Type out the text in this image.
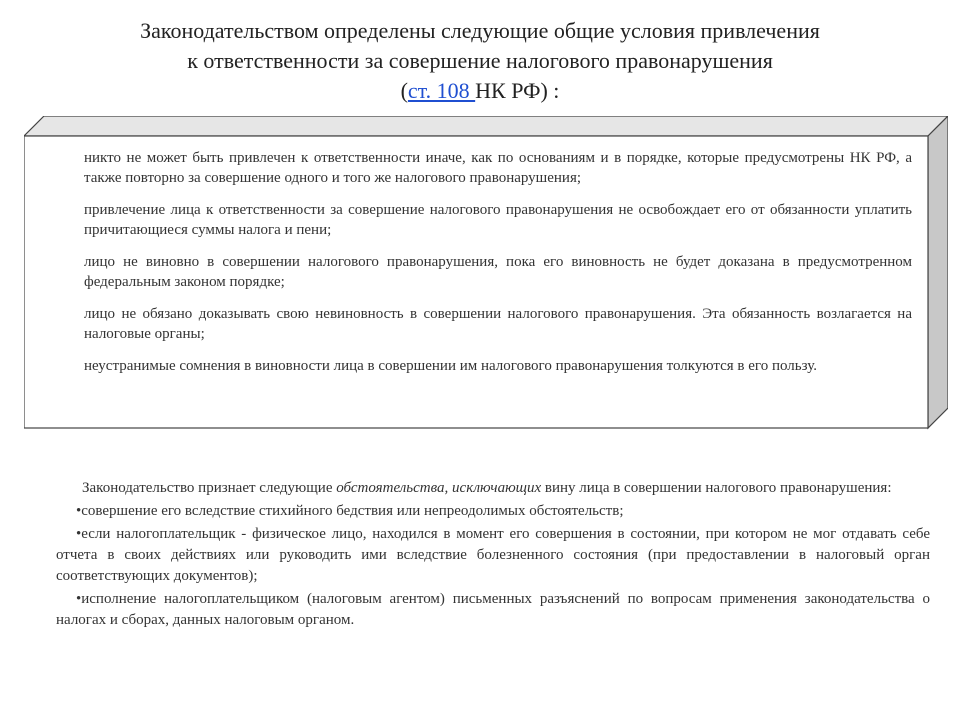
Законодательством определены следующие общие условия привлечения
к ответственности за совершение налогового правонарушения
(ст. 108 НК РФ) :

никто не может быть привлечен к ответственности иначе, как по основаниям и в порядке, которые предусмотрены НК РФ, а также повторно за совершение одного и того же налогового правонарушения;

привлечение лица к ответственности за совершение налогового правонарушения не освобождает его от обязанности уплатить причитающиеся суммы налога и пени;

лицо не виновно в совершении налогового правонарушения, пока его виновность не будет доказана в предусмотренном федеральным законом порядке;

лицо не обязано доказывать свою невиновность в совершении налогового правонарушения. Эта обязанность возлагается на налоговые органы;

неустранимые сомнения в виновности лица в совершении им налогового правонарушения толкуются в его пользу.

Законодательство признает следующие обстоятельства, исключающих вину лица в совершении налогового правонарушения:

•совершение его вследствие стихийного бедствия или непреодолимых обстоятельств;

•если налогоплательщик - физическое лицо, находился в момент его совершения в состоянии, при котором не мог отдавать себе отчета в своих действиях или руководить ими вследствие болезненного состояния (при предоставлении в налоговый орган соответствующих документов);

•исполнение налогоплательщиком (налоговым агентом) письменных разъяснений по вопросам применения законодательства о налогах и сборах, данных налоговым органом.
